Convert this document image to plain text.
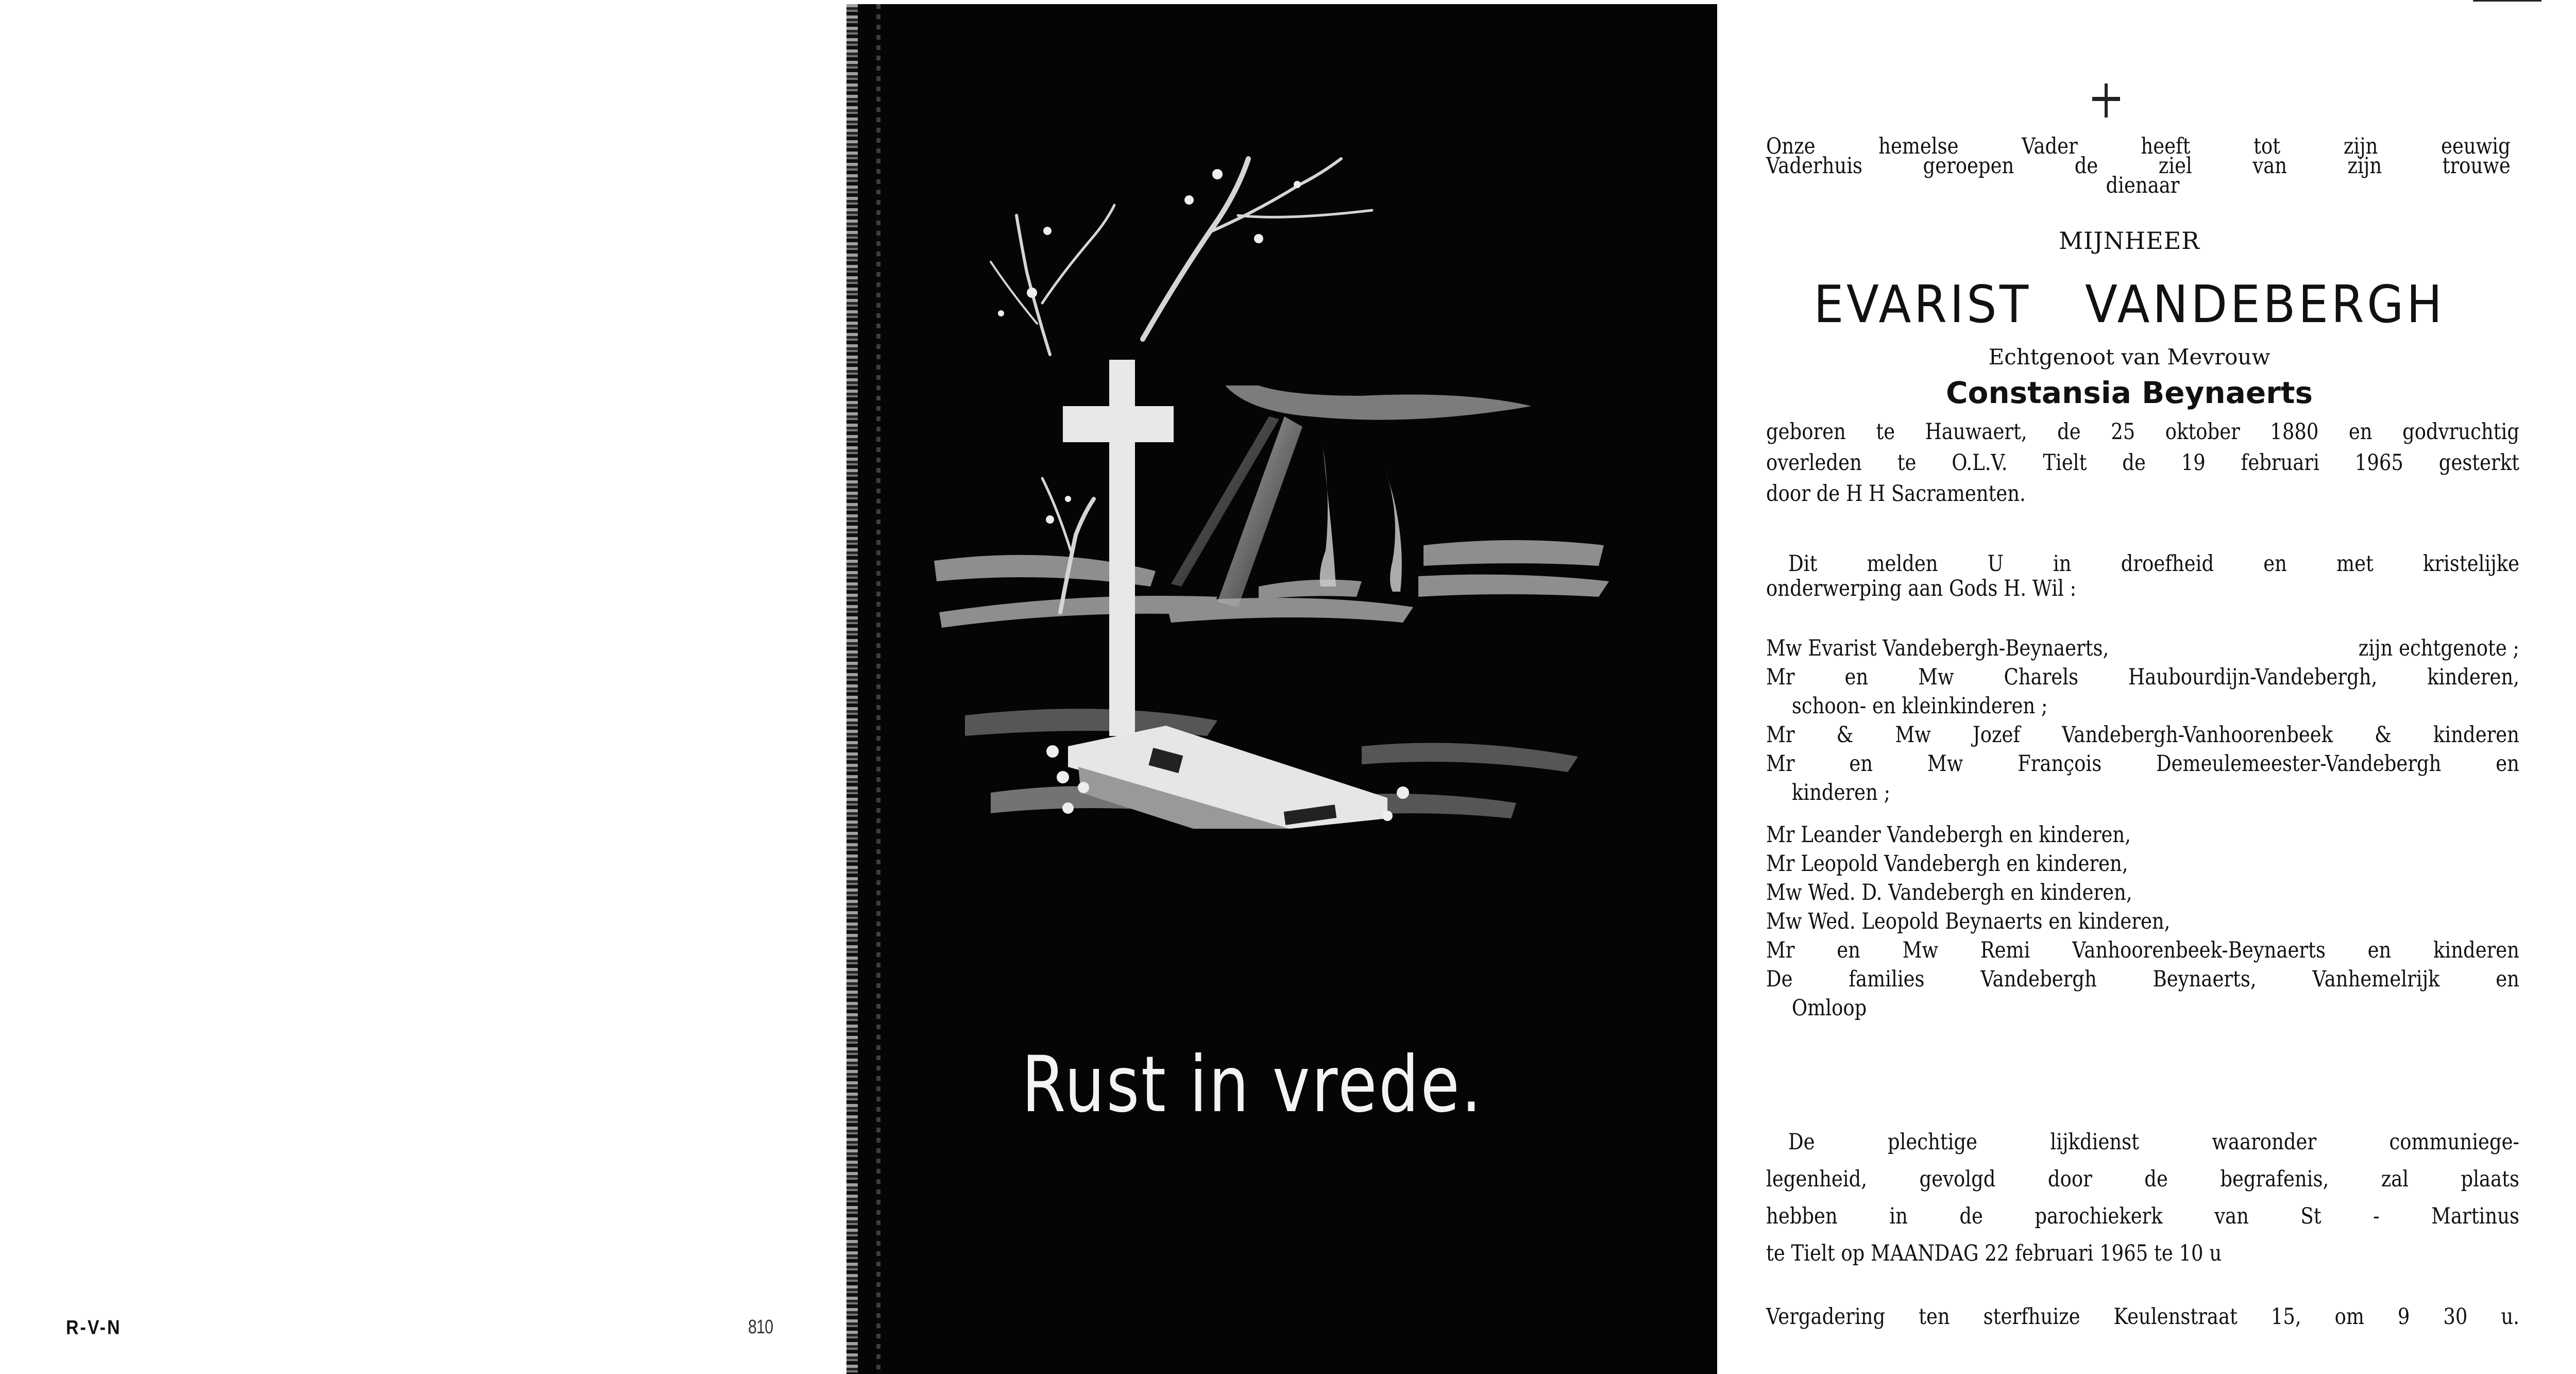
R-V-N	810
Rust in vrede.
Onze hemelse Vader heeft tot zijn eeuwig
Vaderhuis geroepen de ziel van zijn trouwe
dienaar
MIJNHEER
EVARIST   VANDEBERGH
Echtgenoot van Mevrouw
Constansia Beynaerts
geboren te Hauwaert, de 25 oktober 1880 en godvruchtig
overleden te O.L.V. Tielt de 19 februari 1965 gesterkt
door de H H Sacramenten.
Dit melden U in droefheid en met kristelijke
onderwerping aan Gods H. Wil :
Mw Evarist Vandebergh-Beynaerts,	zijn echtgenote ;
Mr en Mw Charels Haubourdijn-Vandebergh, kinderen,
schoon- en kleinkinderen ;
Mr & Mw Jozef Vandebergh-Vanhoorenbeek & kinderen
Mr en Mw François Demeulemeester-Vandebergh en
kinderen ;
Mr Leander Vandebergh en kinderen,
Mr Leopold Vandebergh en kinderen,
Mw Wed. D. Vandebergh en kinderen,
Mw Wed. Leopold Beynaerts en kinderen,
Mr en Mw Remi Vanhoorenbeek-Beynaerts en kinderen
De families Vandebergh Beynaerts, Vanhemelrijk en
Omloop
De plechtige lijkdienst waaronder communiege-
legenheid, gevolgd door de begrafenis, zal plaats
hebben in de parochiekerk van St - Martinus
te Tielt op MAANDAG 22 februari 1965 te 10 u
Vergadering ten sterfhuize Keulenstraat 15, om 9 30 u.
